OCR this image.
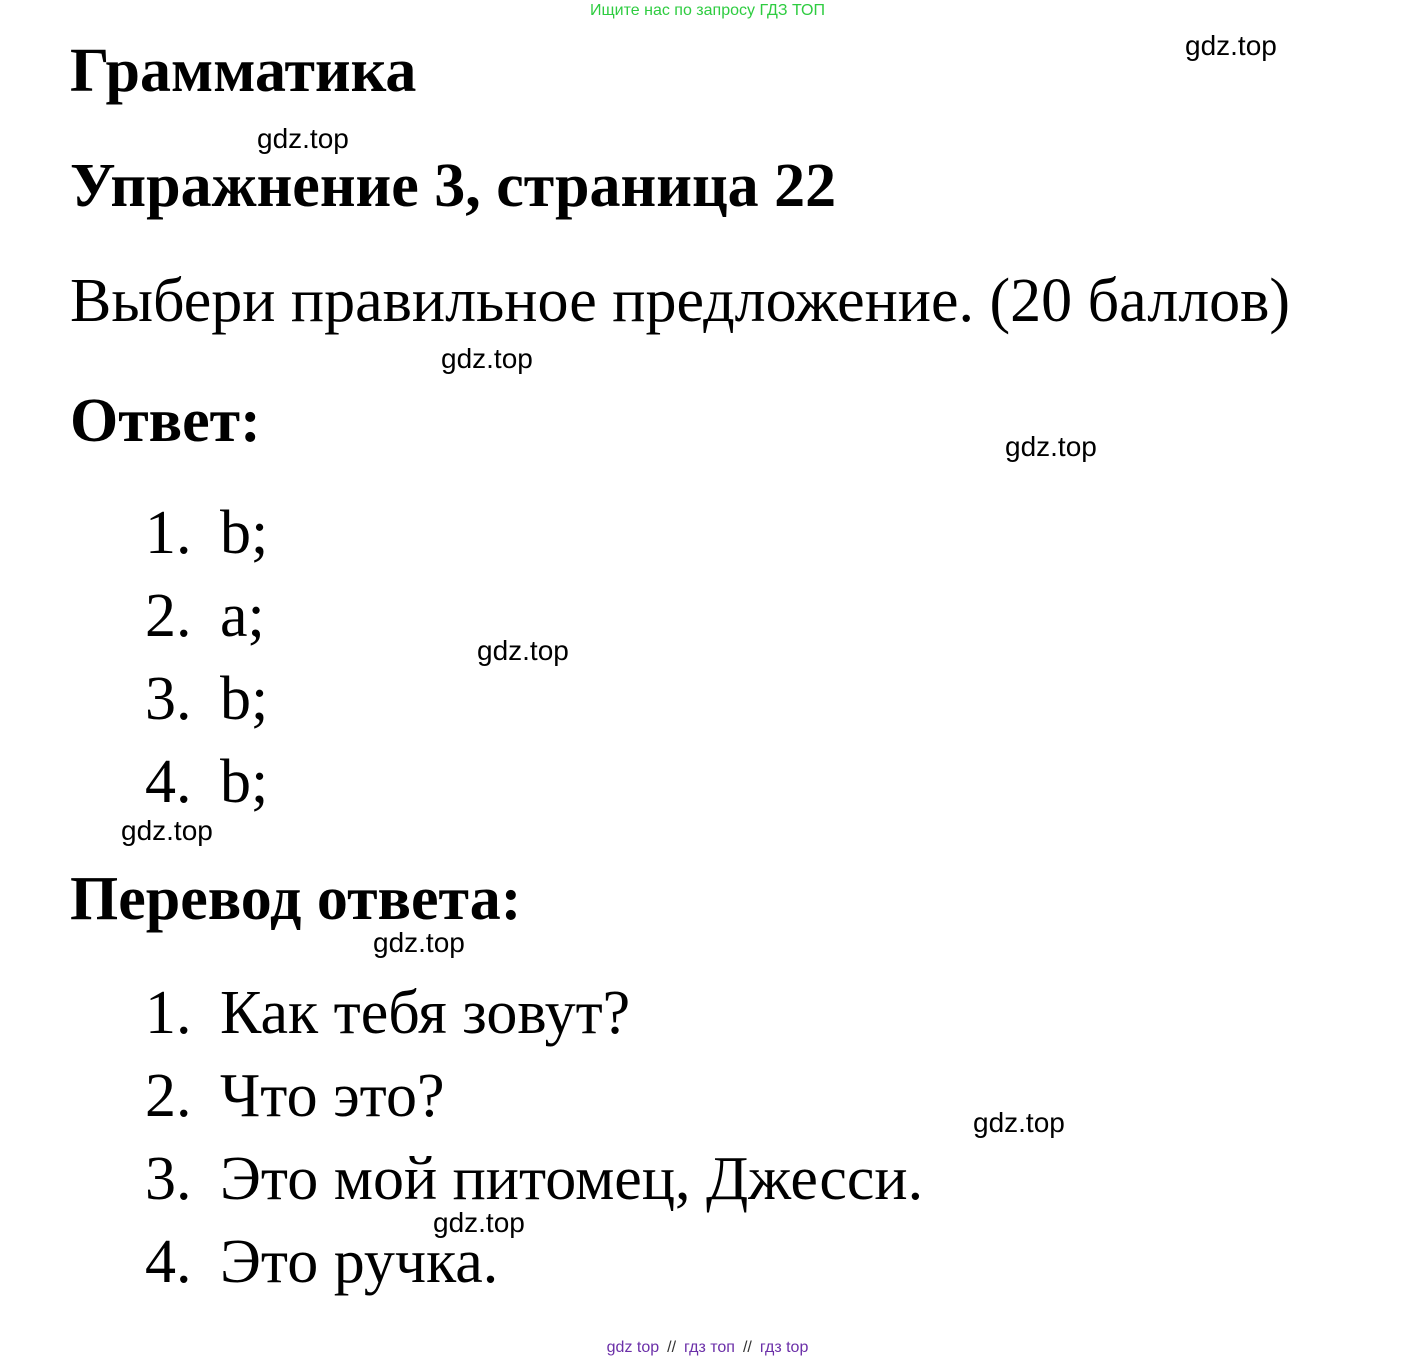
Ищите нас по запросу ГДЗ ТОП
Грамматика
Упражнение 3, страница 22
Выбери правильное предложение. (20 баллов)
Ответ:
1. b;
2. a;
3. b;
4. b;
Перевод ответа:
1. Как тебя зовут?
2. Что это?
3. Это мой питомец, Джесси.
4. Это ручка.
gdz.top
gdz.top
gdz.top
gdz.top
gdz.top
gdz.top
gdz.top
gdz.top
gdz.top
gdz top // гдз топ // гдз top
